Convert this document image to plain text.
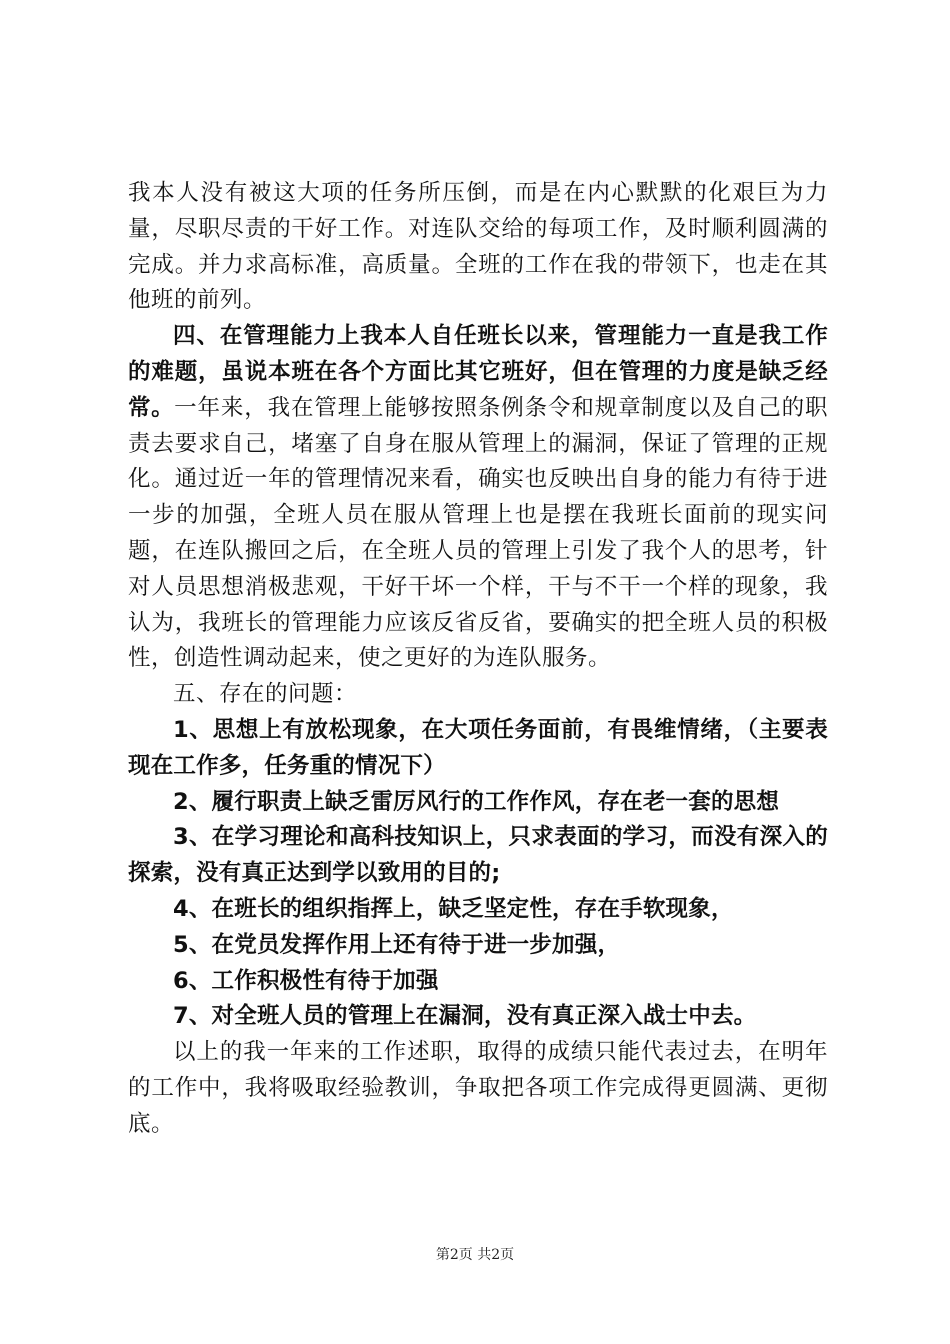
我本人没有被这大项的任务所压倒，而是在内心默默的化艰巨为力量，尽职尽责的干好工作。对连队交给的每项工作，及时顺利圆满的完成。并力求高标准，高质量。全班的工作在我的带领下，也走在其他班的前列。

四、在管理能力上我本人自任班长以来，管理能力一直是我工作的难题，虽说本班在各个方面比其它班好，但在管理的力度是缺乏经常。一年来，我在管理上能够按照条例条令和规章制度以及自己的职责去要求自己，堵塞了自身在服从管理上的漏洞，保证了管理的正规化。通过近一年的管理情况来看，确实也反映出自身的能力有待于进一步的加强，全班人员在服从管理上也是摆在我班长面前的现实问题，在连队搬回之后，在全班人员的管理上引发了我个人的思考，针对人员思想消极悲观，干好干坏一个样，干与不干一个样的现象，我认为，我班长的管理能力应该反省反省，要确实的把全班人员的积极性，创造性调动起来，使之更好的为连队服务。

五、存在的问题：

1、思想上有放松现象，在大项任务面前，有畏维情绪，（主要表现在工作多，任务重的情况下）

2、履行职责上缺乏雷厉风行的工作作风，存在老一套的思想

3、在学习理论和高科技知识上，只求表面的学习，而没有深入的探索，没有真正达到学以致用的目的;

4、在班长的组织指挥上，缺乏坚定性，存在手软现象，

5、在党员发挥作用上还有待于进一步加强，

6、工作积极性有待于加强

7、对全班人员的管理上在漏洞，没有真正深入战士中去。

以上的我一年来的工作述职，取得的成绩只能代表过去，在明年的工作中，我将吸取经验教训，争取把各项工作完成得更圆满、更彻底。

第2页 共2页
